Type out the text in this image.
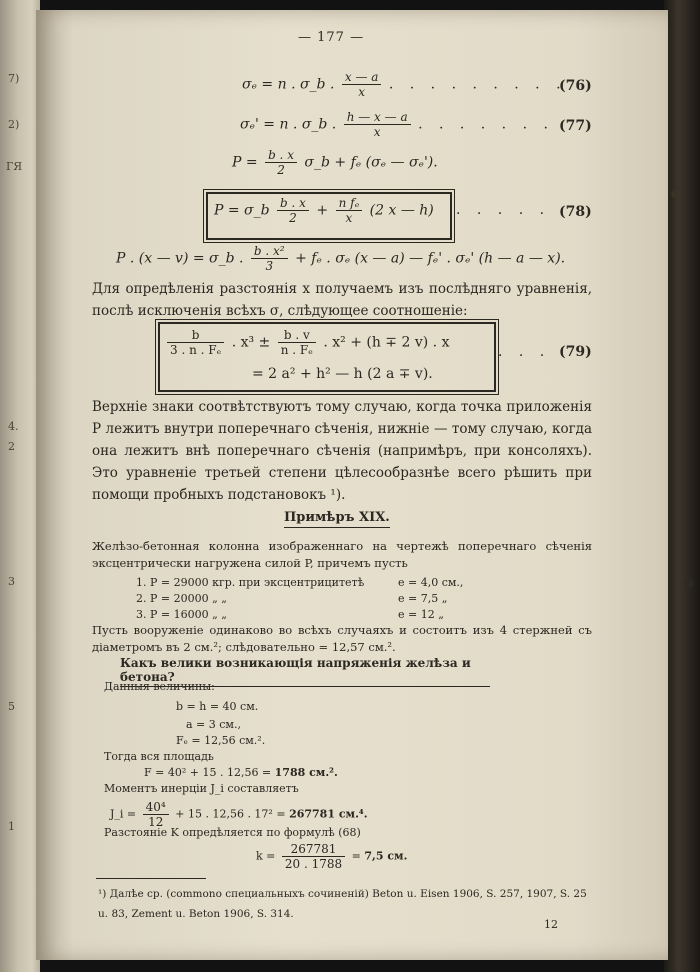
7)
2)
ГЯ
4.
2
3
5
1
— 177 —
σₑ = n . σ_b . $\frac{x — a}{x}$ . . . . . . . . .
(76)
σₑ' = n . σ_b . $\frac{h — x — a}{x}$ . . . . . . . (77)
$P = \frac{b . x}{2}$ σ_b + fₑ (σₑ — σₑ').
P = σ_b $\frac{b . x}{2} + \frac{\text{n fₑ}}{x} (2$ x — h) . . . . . (78)
P . (x — v) = σ_b . $\frac{\text{b . x²}}{3} + f_e$ . σₑ (x — a) — fₑ' . σₑ' (h — a — x).
Для опредѣленія разстоянія x получаемъ изъ послѣдняго уравненія, послѣ исключенія всѣхъ σ, слѣдующее соотношеніе:
$\frac{b}{\text{3 . n . Fₑ}}$ . $x^3 \pm \frac{b . v}{\text{n . Fₑ}}$ . x² + (h ∓ 2 v) . x
= 2 a² + h² — h (2 a ∓ v).
. . . (79)
Верхніе знаки соотвѣтствуютъ тому случаю, когда точка приложенія P лежитъ внутри поперечнаго сѣченія, нижніе — тому случаю, когда она лежитъ внѣ поперечнаго сѣченія (напримѣръ, при консоляхъ). Это уравненіе третьей степени цѣлесообразнѣе всего рѣшить при помощи пробныхъ подстановокъ ¹).
Примѣръ XIX.
Желѣзо-бетонная колонна изображеннаго на чертежѣ поперечнаго сѣченія эксцентрически нагружена силой P, причемъ пусть
1. P = 29000 кгр. при эксцентрицитетѣ	e = 4,0 см.,
2. P = 20000 „ „	e = 7,5 „
3. P = 16000 „ „	e = 12 „
Пусть вооруженіе одинаково во всѣхъ случаяхъ и состоитъ изъ 4 стержней съ діаметромъ въ 2 см.²; слѣдовательно = 12,57 см.².
Какъ велики возникающія напряженія желѣза и бетона?
Данныя величины:
b = h = 40 см.
a = 3 см.,
Fₑ = 12,56 см.².
Тогда вся площадь
F = 40² + 15 . 12,56 = 1788 см.².
Моментъ инерціи J_i составляетъ
J_i = $\frac{\text{40⁴}}{12} + 15$ . 12,56 . 17² = 267781 см.⁴.
Разстояніе K опредѣляется по формулѣ (68)
$k = \frac{267781}{20 . 1788} = 7,5$ см.
¹) Далѣе ср. (commono специальныхъ сочиненій) Beton u. Eisen 1906, S. 257, 1907, S. 25 u. 83, Zement u. Beton 1906, S. 314.
12
